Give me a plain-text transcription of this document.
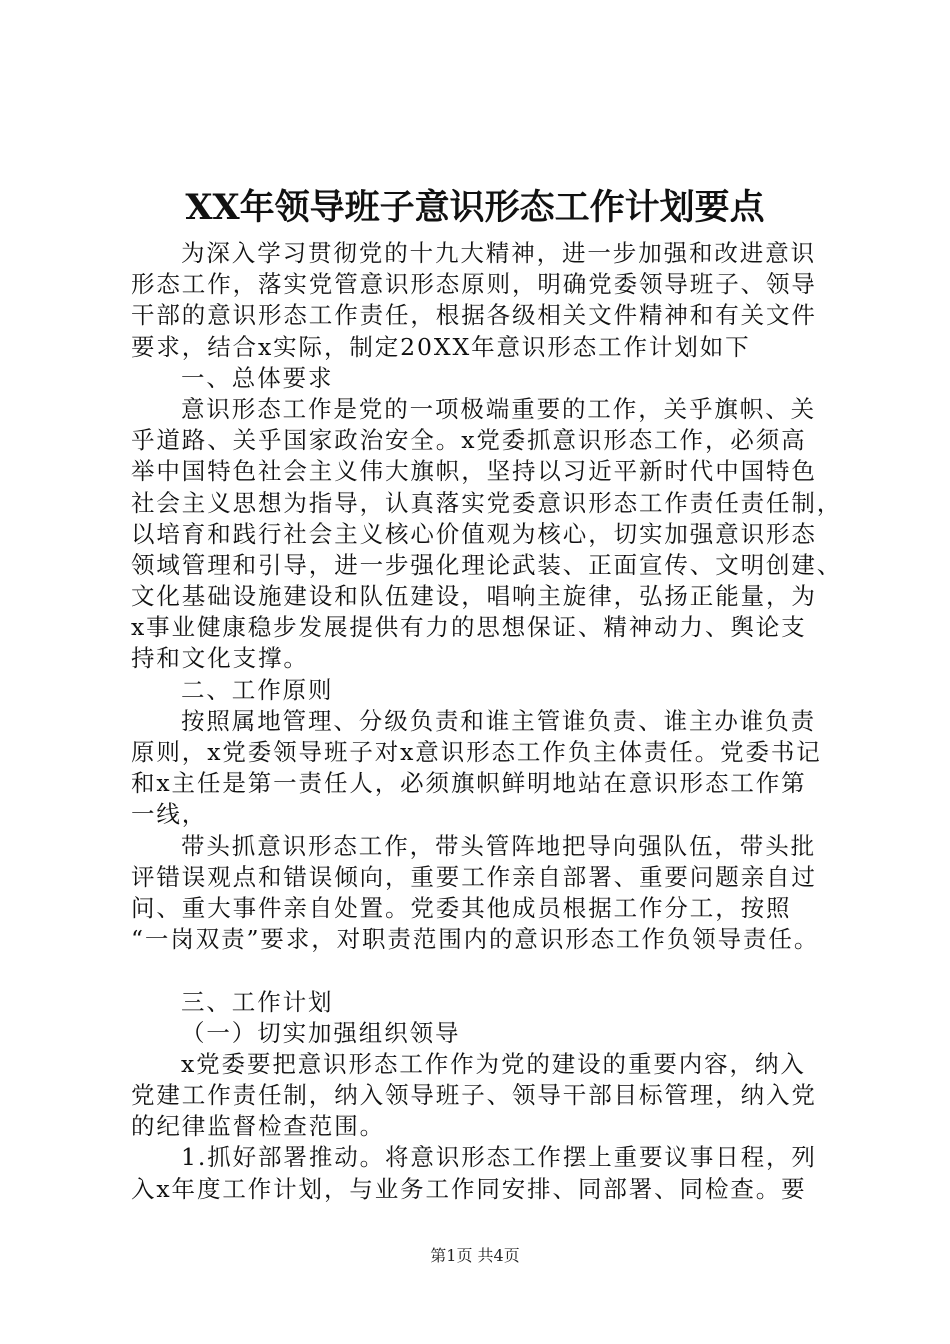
XX年领导班子意识形态工作计划要点
为深入学习贯彻党的十九大精神，进一步加强和改进意识
形态工作，落实党管意识形态原则，明确党委领导班子、领导
干部的意识形态工作责任，根据各级相关文件精神和有关文件
要求，结合x实际，制定20XX年意识形态工作计划如下
一、总体要求
意识形态工作是党的一项极端重要的工作，关乎旗帜、关
乎道路、关乎国家政治安全。x党委抓意识形态工作，必须高
举中国特色社会主义伟大旗帜，坚持以习近平新时代中国特色
社会主义思想为指导，认真落实党委意识形态工作责任责任制，
以培育和践行社会主义核心价值观为核心，切实加强意识形态
领域管理和引导，进一步强化理论武装、正面宣传、文明创建、
文化基础设施建设和队伍建设，唱响主旋律，弘扬正能量，为
x事业健康稳步发展提供有力的思想保证、精神动力、舆论支
持和文化支撑。
二、工作原则
按照属地管理、分级负责和谁主管谁负责、谁主办谁负责
原则，x党委领导班子对x意识形态工作负主体责任。党委书记
和x主任是第一责任人，必须旗帜鲜明地站在意识形态工作第
一线，
带头抓意识形态工作，带头管阵地把导向强队伍，带头批
评错误观点和错误倾向，重要工作亲自部署、重要问题亲自过
问、重大事件亲自处置。党委其他成员根据工作分工，按照
“一岗双责”要求，对职责范围内的意识形态工作负领导责任。
三、工作计划
（一）切实加强组织领导
x党委要把意识形态工作作为党的建设的重要内容，纳入
党建工作责任制，纳入领导班子、领导干部目标管理，纳入党
的纪律监督检查范围。
1.抓好部署推动。将意识形态工作摆上重要议事日程，列
入x年度工作计划，与业务工作同安排、同部署、同检查。要
第1页 共4页
